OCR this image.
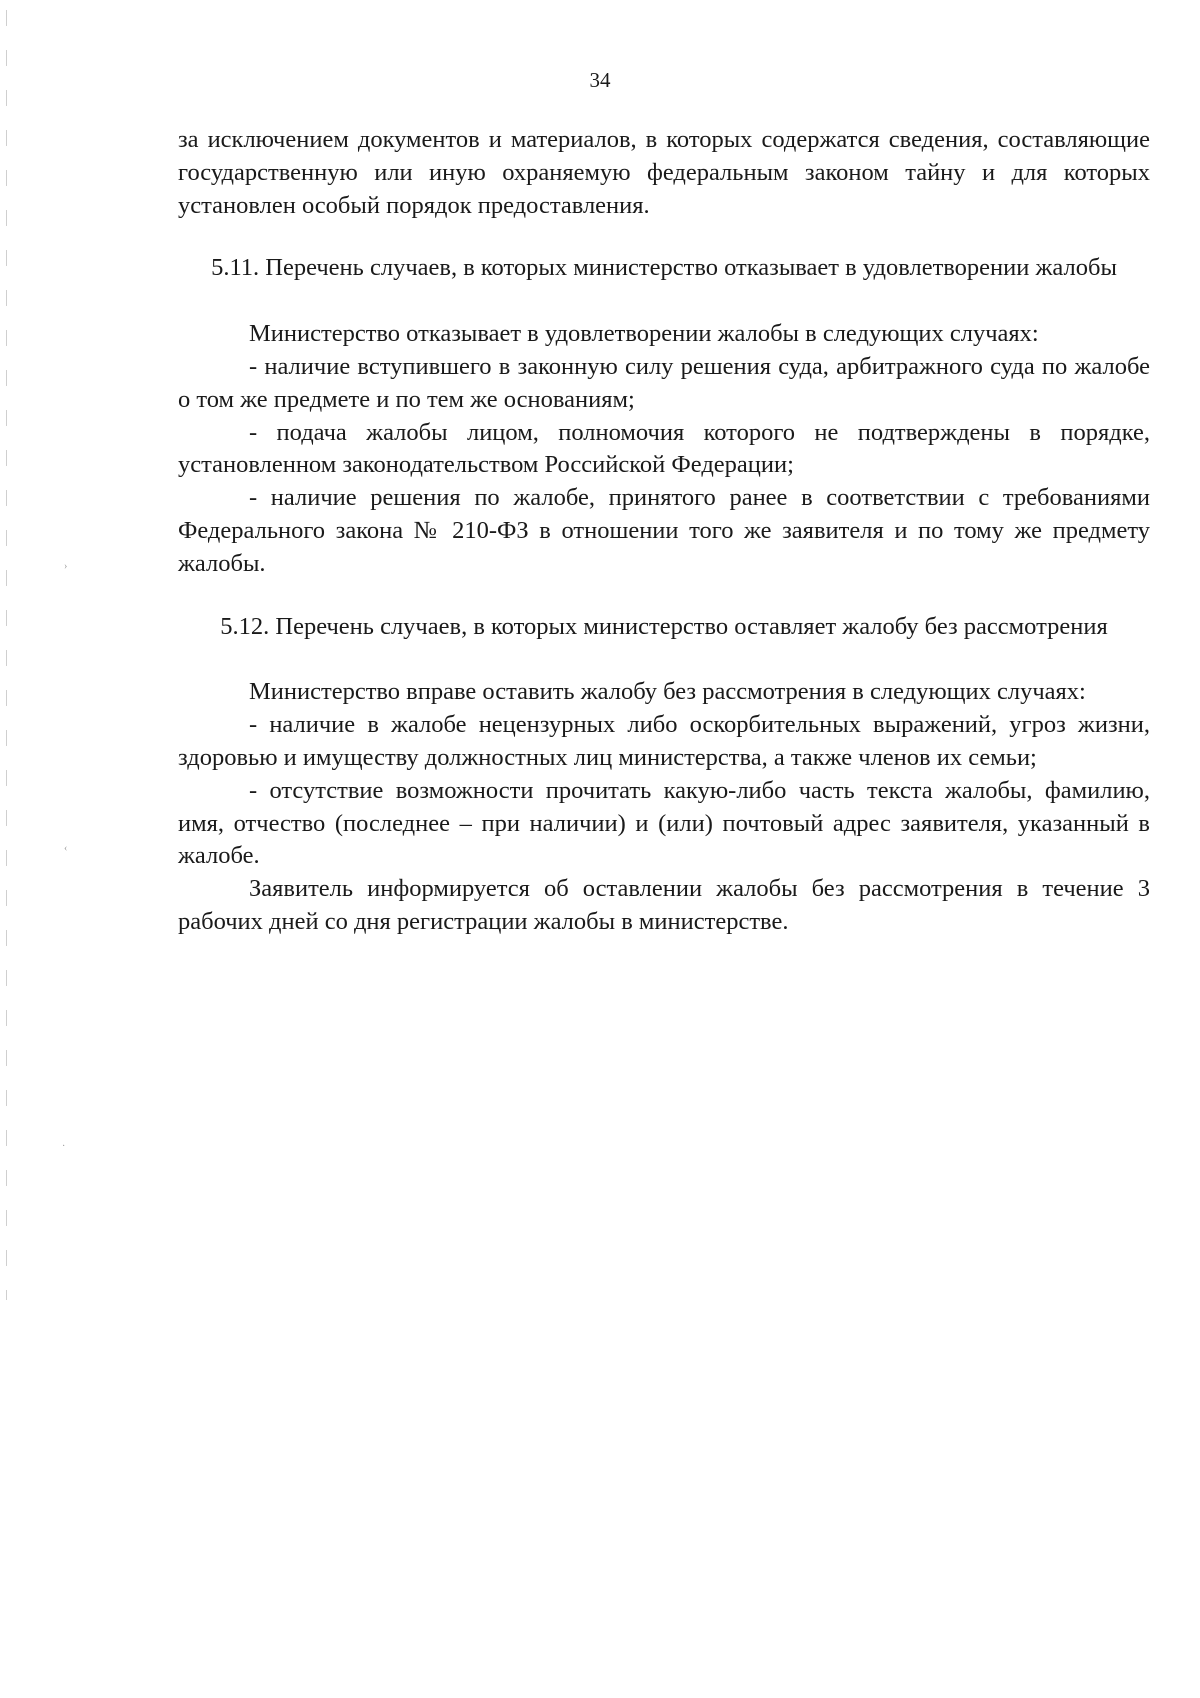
›
‹
·

34

за исключением документов и материалов, в которых содержатся сведения, составляющие государственную или иную охраняемую федеральным законом тайну и для которых установлен особый порядок предоставления.

5.11. Перечень случаев, в которых министерство отказывает в удовлетворении жалобы

Министерство отказывает в удовлетворении жалобы в следующих случаях:

- наличие вступившего в законную силу решения суда, арбитражного суда по жалобе о том же предмете и по тем же основаниям;

- подача жалобы лицом, полномочия которого не подтверждены в порядке, установленном законодательством Российской Федерации;

- наличие решения по жалобе, принятого ранее в соответствии с требованиями Федерального закона № 210-ФЗ в отношении того же заявителя и по тому же предмету жалобы.

5.12. Перечень случаев, в которых министерство оставляет жалобу без рассмотрения

Министерство вправе оставить жалобу без рассмотрения в следующих случаях:

- наличие в жалобе нецензурных либо оскорбительных выражений, угроз жизни, здоровью и имуществу должностных лиц министерства, а также членов их семьи;

- отсутствие возможности прочитать какую-либо часть текста жалобы, фамилию, имя, отчество (последнее – при наличии) и (или) почтовый адрес заявителя, указанный в жалобе.

Заявитель информируется об оставлении жалобы без рассмотрения в течение 3 рабочих дней со дня регистрации жалобы в министерстве.
